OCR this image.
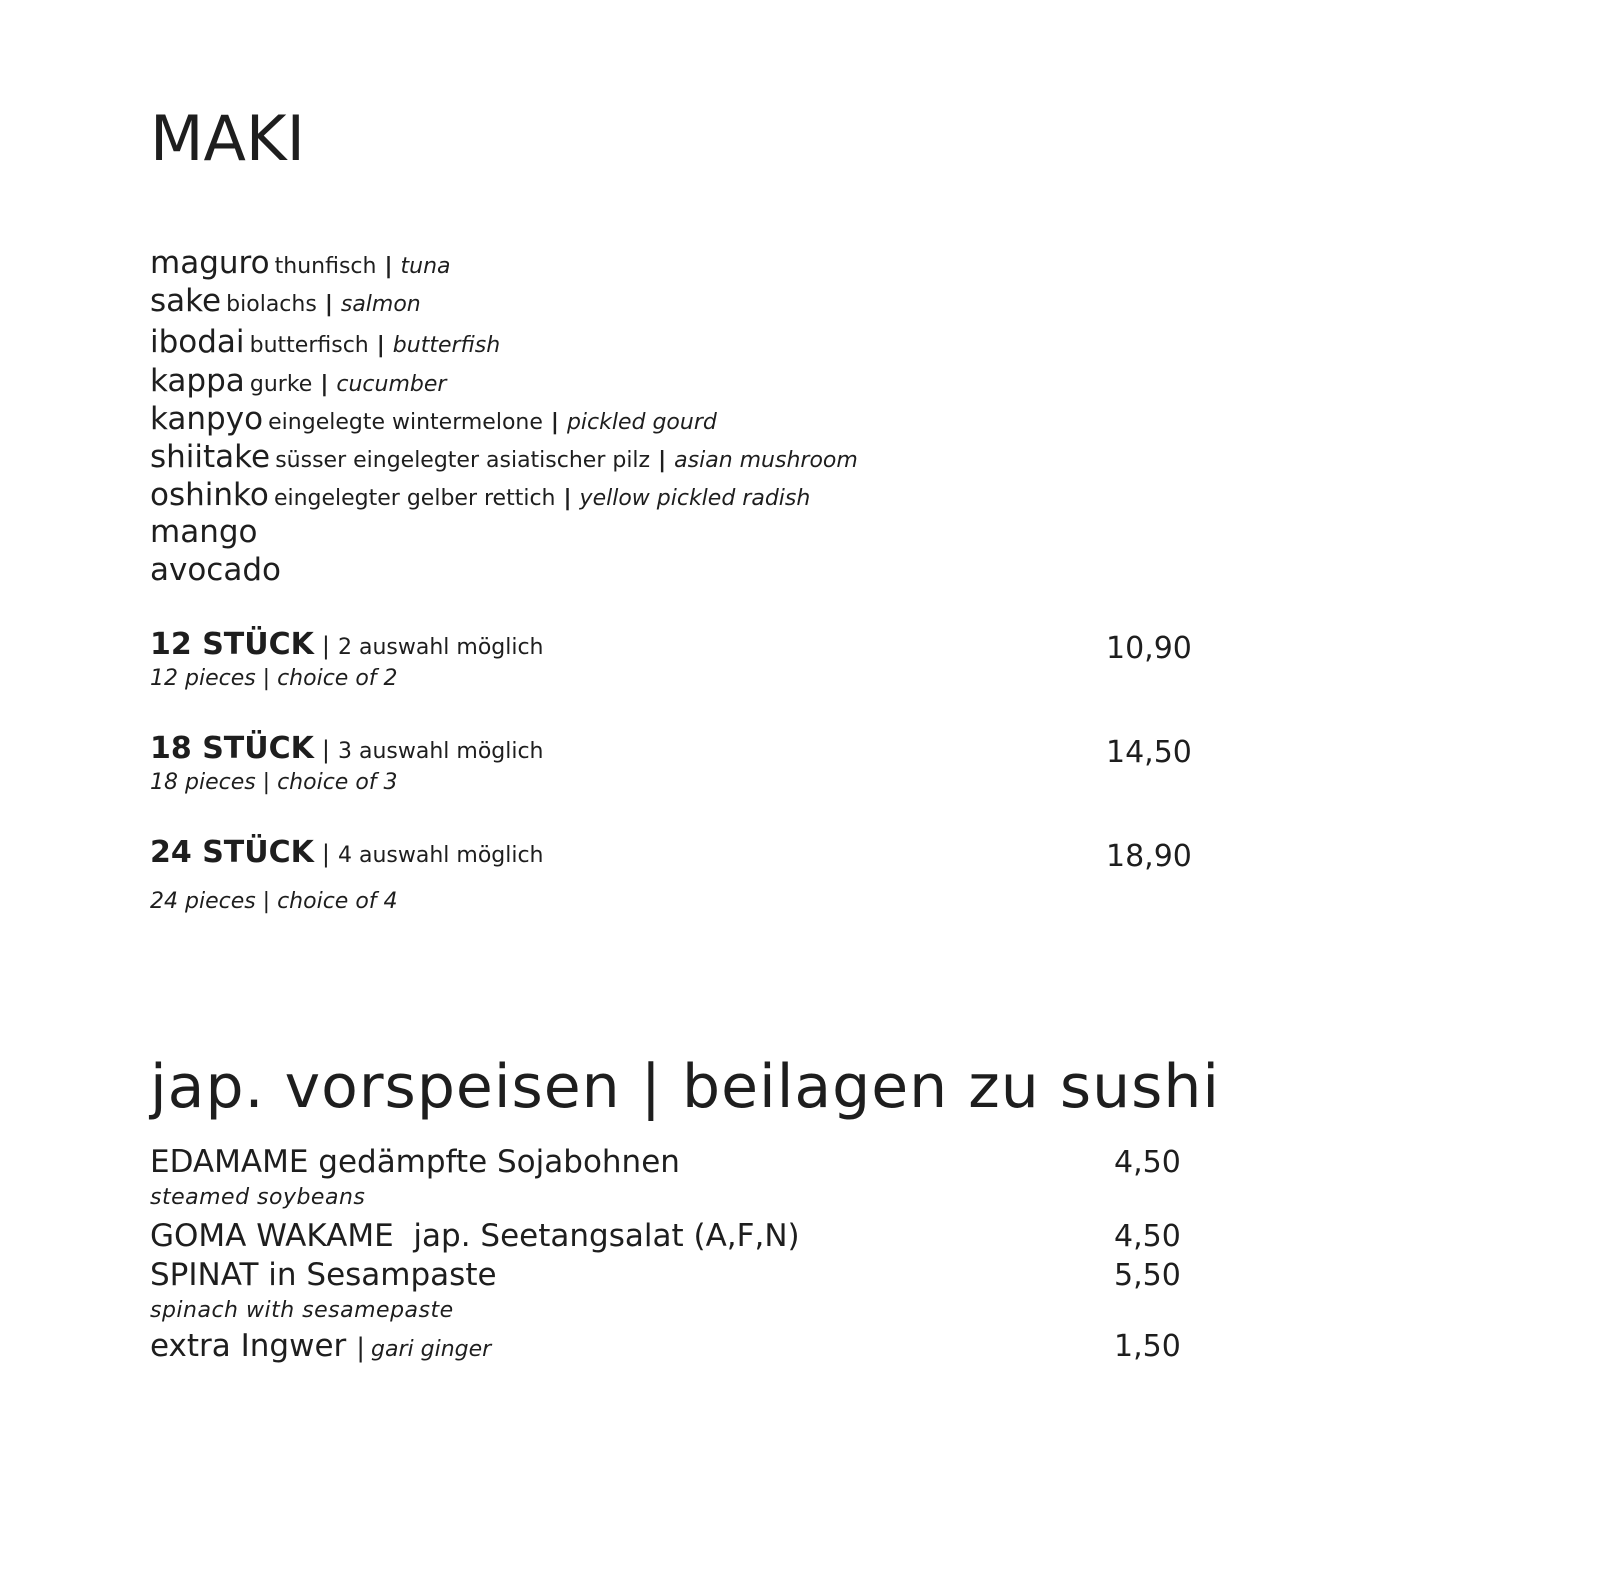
MAKI
maguro thunfisch | tuna
sake biolachs | salmon
ibodai butterfisch | butterfish
kappa gurke | cucumber
kanpyo eingelegte wintermelone | pickled gourd
shiitake süsser eingelegter asiatischer pilz | asian mushroom
oshinko eingelegter gelber rettich | yellow pickled radish
mango
avocado
12 STÜCK | 2 auswahl möglich
12 pieces | choice of 2
10,90
18 STÜCK | 3 auswahl möglich
18 pieces | choice of 3
14,50
24 STÜCK | 4 auswahl möglich
24 pieces | choice of 4
18,90
jap. vorspeisen | beilagen zu sushi
EDAMAME gedämpfte Sojabohnen
steamed soybeans
4,50
GOMA WAKAME  jap. Seetangsalat (A,F,N)	4,50
SPINAT in Sesampaste
spinach with sesamepaste
5,50
extra Ingwer | gari ginger	1,50
